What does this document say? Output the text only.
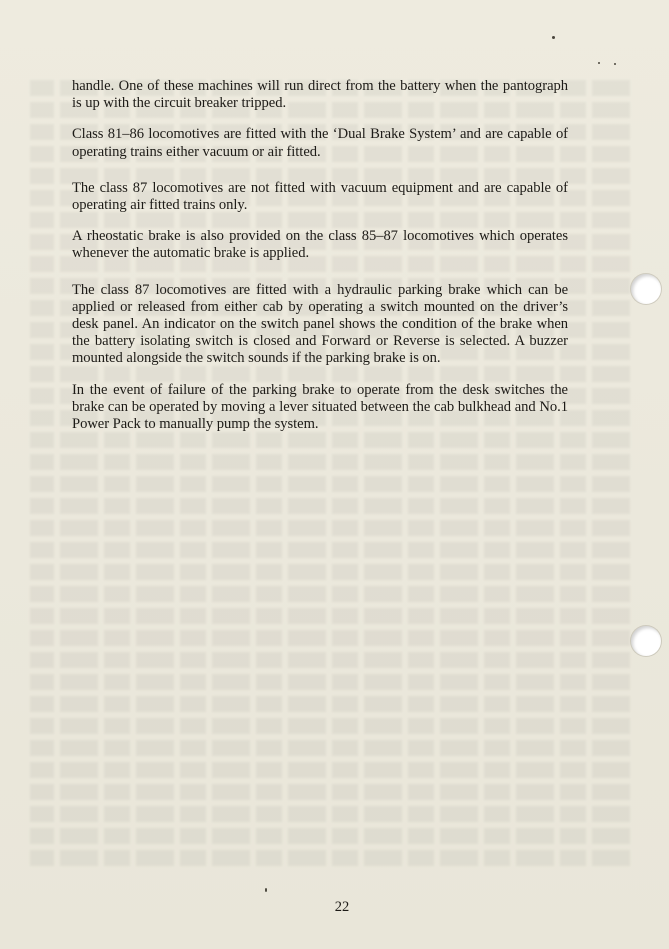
handle. One of these machines will run direct from the battery when the pantograph is up with the circuit breaker tripped.

Class 81–86 locomotives are fitted with the ‘Dual Brake System’ and are capable of operating trains either vacuum or air fitted.

The class 87 locomotives are not fitted with vacuum equipment and are capable of operating air fitted trains only.

A rheostatic brake is also provided on the class 85–87 locomotives which operates whenever the automatic brake is applied.

The class 87 locomotives are fitted with a hydraulic parking brake which can be applied or released from either cab by operating a switch mounted on the driver’s desk panel. An indicator on the switch panel shows the condition of the brake when the battery isolating switch is closed and Forward or Reverse is selected. A buzzer mounted alongside the switch sounds if the parking brake is on.

In the event of failure of the parking brake to operate from the desk switches the brake can be operated by moving a lever situated between the cab bulkhead and No.1 Power Pack to manually pump the system.

22
